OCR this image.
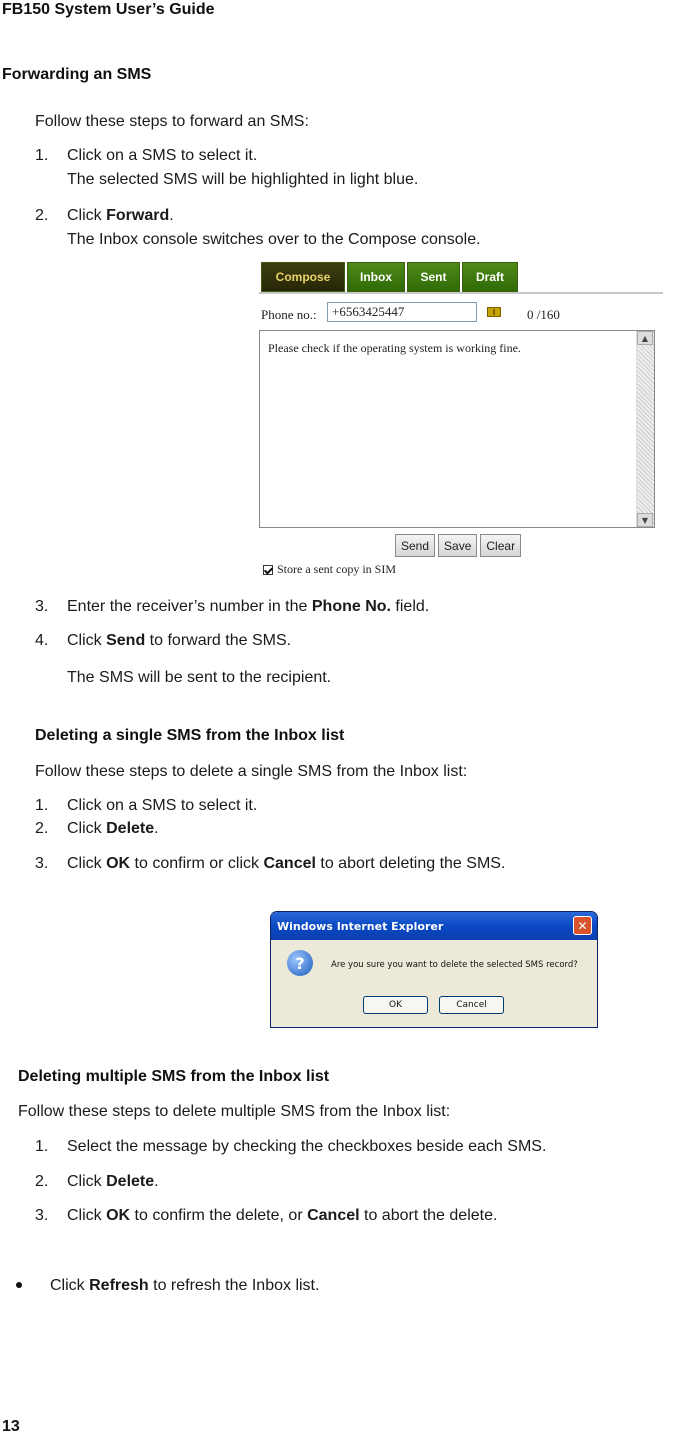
FB150 System User’s Guide
Forwarding an SMS
Follow these steps to forward an SMS:
1. Click on a SMS to select it.
The selected SMS will be highlighted in light blue.
2. Click Forward.
The Inbox console switches over to the Compose console.
Compose	Inbox	Sent	Draft
Phone no.:	+6563425447	0 /160
Please check if the operating system is working fine.
▲
▼
Send	Save	Clear
Store a sent copy in SIM
3. Enter the receiver’s number in the Phone No. field.
4. Click Send to forward the SMS.
The SMS will be sent to the recipient.
Deleting a single SMS from the Inbox list
Follow these steps to delete a single SMS from the Inbox list:
1. Click on a SMS to select it.
2. Click Delete.
3. Click OK to confirm or click Cancel to abort deleting the SMS.
Windows Internet Explorer	✕
?	Are you sure you want to delete the selected SMS record?
OK	Cancel
Deleting multiple SMS from the Inbox list
Follow these steps to delete multiple SMS from the Inbox list:
1. Select the message by checking the checkboxes beside each SMS.
2. Click Delete.
3. Click OK to confirm the delete, or Cancel to abort the delete.
Click Refresh to refresh the Inbox list.
13
